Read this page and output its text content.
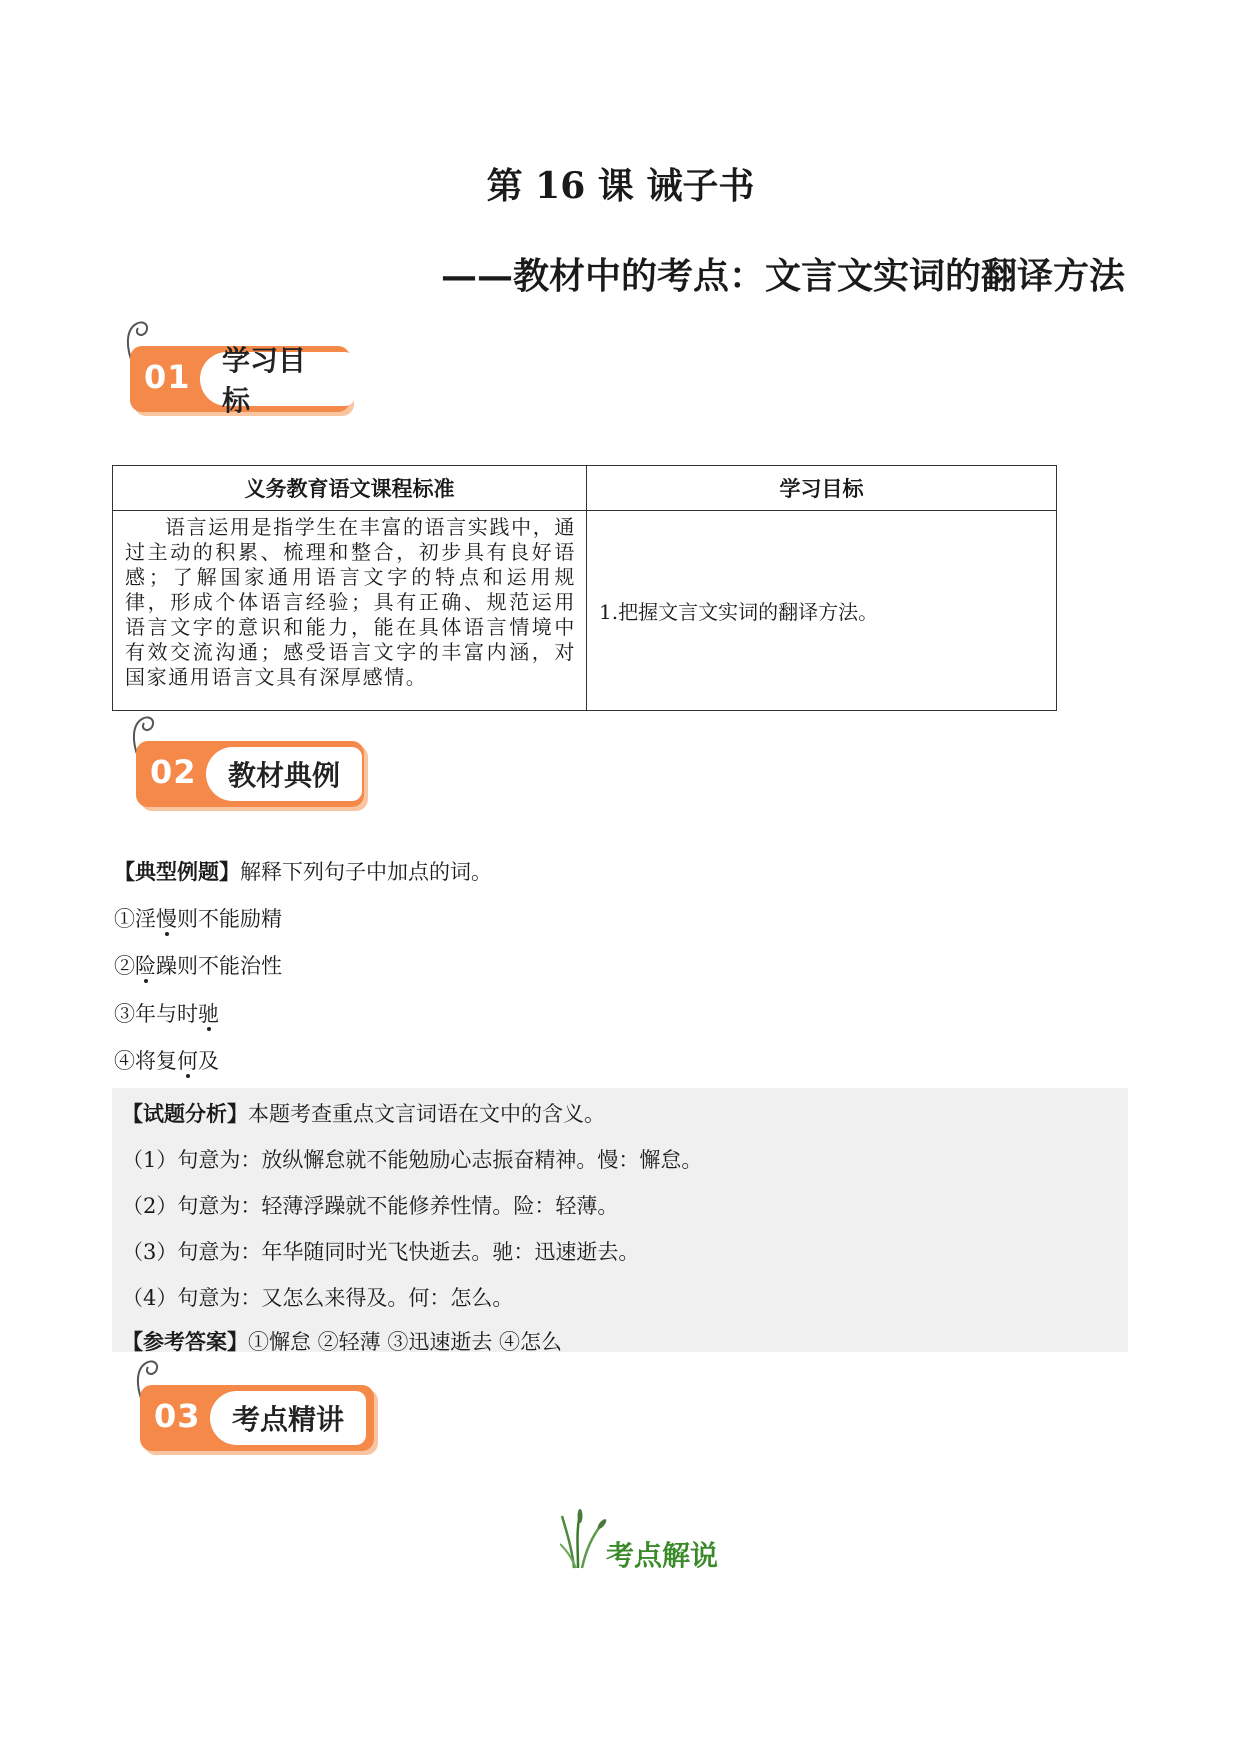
第 16 课 诫子书
——教材中的考点：文言文实词的翻译方法
01	学习目标
义务教育语文课程标准	学习目标
语言运用是指学生在丰富的语言实践中，通过主动的积累、梳理和整合，初步具有良好语感；了解国家通用语言文字的特点和运用规律，形成个体语言经验；具有正确、规范运用语言文字的意识和能力，能在具体语言情境中有效交流沟通；感受语言文字的丰富内涵，对国家通用语言文具有深厚感情。	1.把握文言文实词的翻译方法。
02	教材典例

【典型例题】解释下列句子中加点的词。

①淫慢则不能励精

②险躁则不能治性

③年与时驰

④将复何及

【试题分析】本题考查重点文言词语在文中的含义。

（1）句意为：放纵懈怠就不能勉励心志振奋精神。慢：懈怠。

（2）句意为：轻薄浮躁就不能修养性情。险：轻薄。

（3）句意为：年华随同时光飞快逝去。驰：迅速逝去。

（4）句意为：又怎么来得及。何：怎么。

【参考答案】①懈怠 ②轻薄 ③迅速逝去 ④怎么

03	考点精讲
考点解说
